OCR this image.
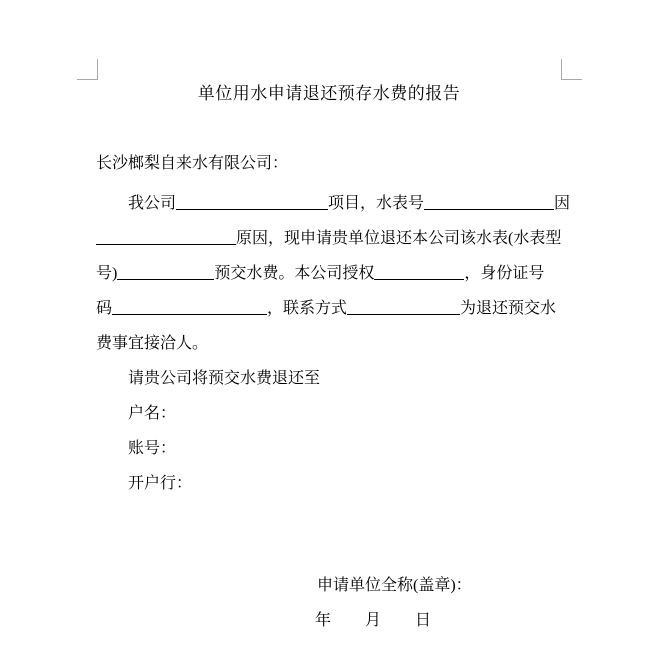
单位用水申请退还预存水费的报告
长沙榔梨自来水有限公司：
我公司	项目，水表号	因
原因，现申请贵单位退还本公司该水表(水表型
号)	预交水费。本公司授权	，身份证号
码	，联系方式	为退还预交水
费事宜接洽人。
请贵公司将预交水费退还至
户名：
账号：
开户行：
申请单位全称(盖章)：
年 月 日
